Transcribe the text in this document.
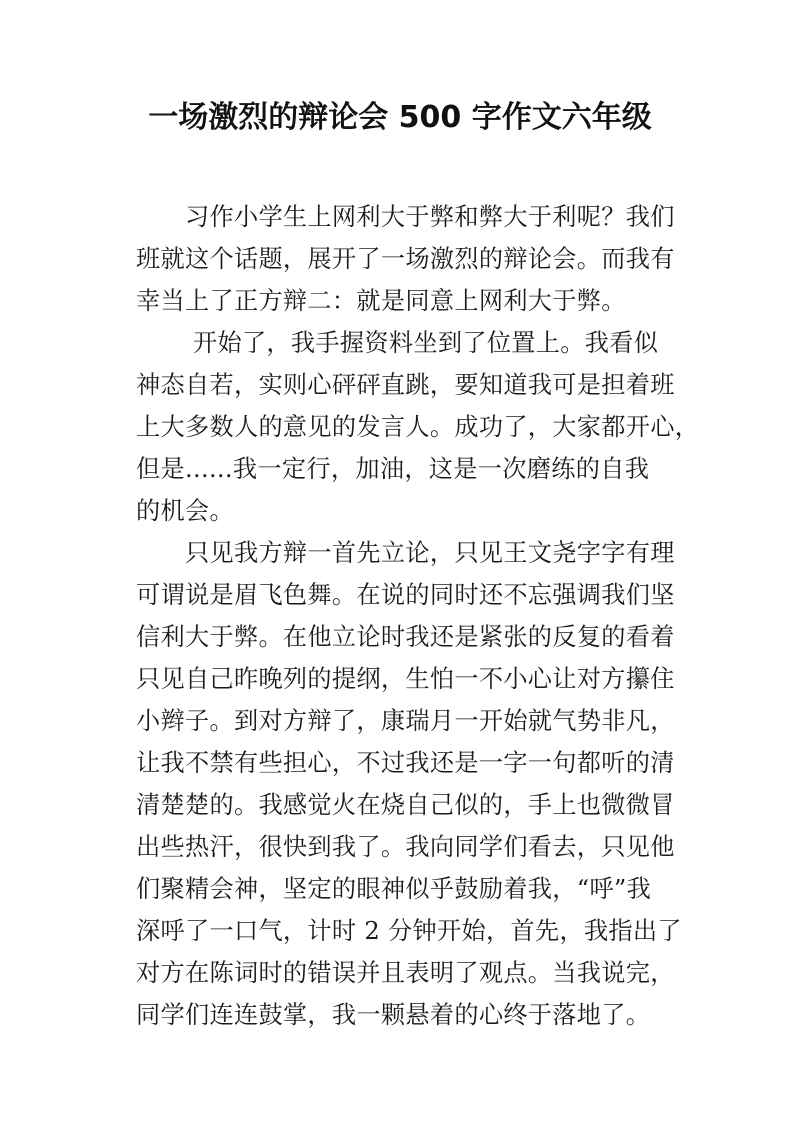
一场激烈的辩论会 500 字作文六年级

　　习作小学生上网利大于弊和弊大于利呢？我们
班就这个话题，展开了一场激烈的辩论会。而我有
幸当上了正方辩二：就是同意上网利大于弊。

　　 开始了，我手握资料坐到了位置上。我看似
神态自若，实则心砰砰直跳，要知道我可是担着班
上大多数人的意见的发言人。成功了，大家都开心，
但是......我一定行，加油，这是一次磨练的自我
的机会。

　　只见我方辩一首先立论，只见王文尧字字有理
可谓说是眉飞色舞。在说的同时还不忘强调我们坚
信利大于弊。在他立论时我还是紧张的反复的看着
只见自己昨晚列的提纲，生怕一不小心让对方攥住
小辫子。到对方辩了，康瑞月一开始就气势非凡，
让我不禁有些担心，不过我还是一字一句都听的清
清楚楚的。我感觉火在烧自己似的，手上也微微冒
出些热汗，很快到我了。我向同学们看去，只见他
们聚精会神，坚定的眼神似乎鼓励着我，“呼”我
深呼了一口气，计时 2 分钟开始，首先，我指出了
对方在陈词时的错误并且表明了观点。当我说完，
同学们连连鼓掌，我一颗悬着的心终于落地了。
